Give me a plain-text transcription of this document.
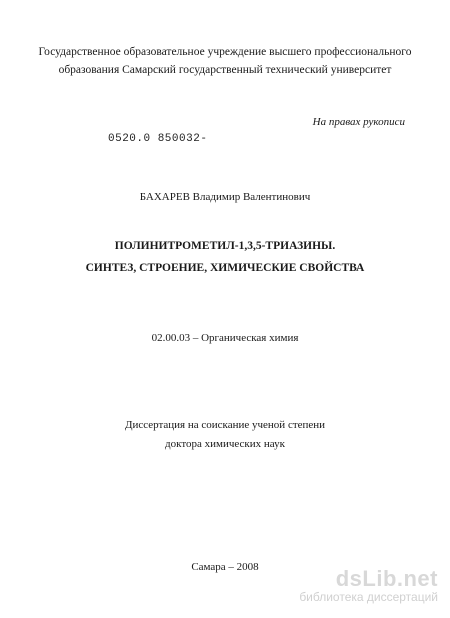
Государственное образовательное учреждение высшего профессионального
образования Самарский государственный технический университет
На правах рукописи
0520.0 850032-
БАХАРЕВ Владимир Валентинович
ПОЛИНИТРОМЕТИЛ-1,3,5-ТРИАЗИНЫ.
СИНТЕЗ, СТРОЕНИЕ, ХИМИЧЕСКИЕ СВОЙСТВА
02.00.03 – Органическая химия
Диссертация на соискание ученой степени
доктора химических наук
Самара – 2008	dsLib.net
библиотека диссертаций
